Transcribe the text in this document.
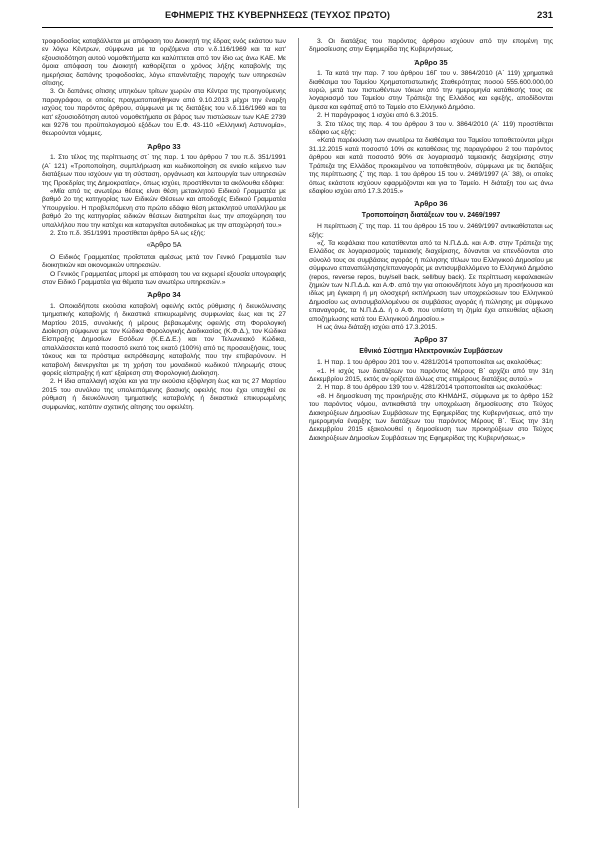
ΕΦΗΜΕΡΙΣ ΤΗΣ ΚΥΒΕΡΝΗΣΕΩΣ (ΤΕΥΧΟΣ ΠΡΩΤΟ)	231

τροφοδοσίας καταβάλλεται με απόφαση του Διοικητή της έδρας ενός εκάστου των εν λόγω Κέντρων, σύμφωνα με τα οριζόμενα στο ν.δ.116/1969 και τα κατ' εξουσιοδότηση αυτού νομοθετήματα και καλύπτεται από τον ίδιο ως άνω ΚΑΕ. Με όμοια απόφαση του Διοικητή καθορίζεται ο χρόνος λήξης καταβολής της ημερήσιας δαπάνης τροφοδοσίας, λόγω επανένταξης παροχής των υπηρεσιών σίτισης.

3. Οι δαπάνες σίτισης υπηκόων τρίτων χωρών στα Κέντρα της προηγούμενης παραγράφου, οι οποίες πραγματοποιήθηκαν από 9.10.2013 μέχρι την έναρξη ισχύος του παρόντος άρθρου, σύμφωνα με τις διατάξεις του ν.δ.116/1969 και τα κατ' εξουσιοδότηση αυτού νομοθετήματα σε βάρος των πιστώσεων των ΚΑΕ 2739 και 9276 του προϋπολογισμού εξόδων του Ε.Φ. 43-110 «Ελληνική Αστυνομία», θεωρούνται νόμιμες.

Άρθρο 33

1. Στο τέλος της περίπτωσης στ΄ της παρ. 1 του άρθρου 7 του π.δ. 351/1991 (Α΄ 121) «Τροποποίηση, συμπλήρωση και κωδικοποίηση σε ενιαίο κείμενο των διατάξεων που ισχύουν για τη σύσταση, οργάνωση και λειτουργία των υπηρεσιών της Προεδρίας της Δημοκρατίας», όπως ισχύει, προστίθενται τα ακόλουθα εδάφια:

«Μία από τις ανωτέρω θέσεις είναι θέση μετακλητού Ειδικού Γραμματέα με βαθμό 2ο της κατηγορίας των Ειδικών Θέσεων και αποδοχές Ειδικού Γραμματέα Υπουργείου. Η προβλεπόμενη στο πρώτο εδάφιο θέση μετακλητού υπαλλήλου με βαθμό 2ο της κατηγορίας ειδικών θέσεων διατηρείται έως την αποχώρηση του υπαλλήλου που την κατέχει και καταργείται αυτοδικαίως με την αποχώρησή του.»

2. Στο π.δ. 351/1991 προστίθεται άρθρο 5Α ως εξής:

«Άρθρο 5Α

Ο Ειδικός Γραμματέας προΐσταται αμέσως μετά τον Γενικό Γραμματέα των διοικητικών και οικονομικών υπηρεσιών.

Ο Γενικός Γραμματέας μπορεί με απόφαση του να εκχωρεί εξουσία υπογραφής στον Ειδικό Γραμματέα για θέματα των ανωτέρω υπηρεσιών.»

Άρθρο 34

1. Οποιαδήποτε εκούσια καταβολή οφειλής εκτός ρύθμισης ή διευκόλυνσης τμηματικής καταβολής ή δικαστικά επικυρωμένης συμφωνίας έως και τις 27 Μαρτίου 2015, συνολικής ή μέρους βεβαιωμένης οφειλής στη Φορολογική Διοίκηση σύμφωνα με τον Κώδικα Φορολογικής Διαδικασίας (Κ.Φ.Δ.), τον Κώδικα Είσπραξης Δημοσίων Εσόδων (Κ.Ε.Δ.Ε.) και τον Τελωνειακό Κώδικα, απαλλάσσεται κατά ποσοστό εκατό τοις εκατό (100%) από τις προσαυξήσεις, τους τόκους και τα πρόστιμα εκπρόθεσμης καταβολής που την επιβαρύνουν. Η καταβολή διενεργείται με τη χρήση του μοναδικού κωδικού πληρωμής στους φορείς είσπραξης ή κατ' εξαίρεση στη Φορολογική Διοίκηση.

2. Η ίδια απαλλαγή ισχύει και για την εκούσια εξόφληση έως και τις 27 Μαρτίου 2015 του συνόλου της υπολειπόμενης βασικής οφειλής που έχει υπαχθεί σε ρύθμιση ή διευκόλυνση τμηματικής καταβολής ή δικαστικά επικυρωμένης συμφωνίας, κατόπιν σχετικής αίτησης του οφειλέτη.

3. Οι διατάξεις του παρόντος άρθρου ισχύουν από την επομένη της δημοσίευσης στην Εφημερίδα της Κυβερνήσεως.

Άρθρο 35

1. Τα κατά την παρ. 7 του άρθρου 16Γ του ν. 3864/2010 (Α΄ 119) χρηματικά διαθέσιμα του Ταμείου Χρηματοπιστωτικής Σταθερότητας ποσού 555.600.000,00 ευρώ, μετά των πιστωθέντων τόκων από την ημερομηνία κατάθεσής τους σε λογαριασμό του Ταμείου στην Τράπεζα της Ελλάδος και εφεξής, αποδίδονται άμεσα και εφάπαξ από το Ταμείο στο Ελληνικό Δημόσιο.

2. Η παράγραφος 1 ισχύει από 6.3.2015.

3. Στο τέλος της παρ. 4 του άρθρου 3 του ν. 3864/2010 (Α΄ 119) προστίθεται εδάφιο ως εξής:

«Κατά παρέκκλιση των ανωτέρω τα διαθέσιμα του Ταμείου τοποθετούνται μέχρι 31.12.2015 κατά ποσοστό 10% σε καταθέσεις της παραγράφου 2 του παρόντος άρθρου και κατά ποσοστό 90% σε λογαριασμό ταμειακής διαχείρισης στην Τράπεζα της Ελλάδος προκειμένου να τοποθετηθούν, σύμφωνα με τις διατάξεις της περίπτωσης ζ΄ της παρ. 1 του άρθρου 15 του ν. 2469/1997 (Α΄ 38), οι οποίες όπως εκάστοτε ισχύουν εφαρμόζονται και για το Ταμείο. Η διάταξη του ως άνω εδαφίου ισχύει από 17.3.2015.»

Άρθρο 36
Τροποποίηση διατάξεων του ν. 2469/1997

Η περίπτωση ζ΄ της παρ. 11 του άρθρου 15 του ν. 2469/1997 αντικαθίσταται ως εξής:

«ζ. Τα κεφάλαια που κατατίθενται από τα Ν.Π.Δ.Δ. και Α.Φ. στην Τράπεζα της Ελλάδος σε λογαριασμούς ταμειακής διαχείρισης, δύνανται να επενδύονται στο σύνολό τους σε συμβάσεις αγοράς ή πώλησης τίτλων του Ελληνικού Δημοσίου με σύμφωνο επαναπώλησης/επαναγοράς με αντισυμβαλλόμενο το Ελληνικό Δημόσιο (repos, reverse repos, buy/sell back, sell/buy back). Σε περίπτωση κεφαλαιακών ζημιών των Ν.Π.Δ.Δ. και Α.Φ. από την για οποιονδήποτε λόγο μη προσήκουσα και ιδίως μη έγκαιρη ή μη ολοσχερή εκπλήρωση των υποχρεώσεων του Ελληνικού Δημοσίου ως αντισυμβαλλομένου σε συμβάσεις αγοράς ή πώλησης με σύμφωνο επαναγοράς, τα Ν.Π.Δ.Δ. ή ο Α.Φ. που υπέστη τη ζημία έχει απευθείας αξίωση αποζημίωσης κατά του Ελληνικού Δημοσίου.»

Η ως άνω διάταξη ισχύει από 17.3.2015.

Άρθρο 37
Εθνικό Σύστημα Ηλεκτρονικών Συμβάσεων

1. Η παρ. 1 του άρθρου 201 του ν. 4281/2014 τροποποιείται ως ακολούθως:

«1. Η ισχύς των διατάξεων του παρόντος Μέρους Β΄ αρχίζει από την 31η Δεκεμβρίου 2015, εκτός αν ορίζεται άλλως στις επιμέρους διατάξεις αυτού.»

2. Η παρ. 8 του άρθρου 139 του ν. 4281/2014 τροποποιείται ως ακολούθως:

«8. Η δημοσίευση της προκήρυξης στο ΚΗΜΔΗΣ, σύμφωνα με το άρθρο 152 του παρόντος νόμου, αντικαθιστά την υποχρέωση δημοσίευσης στο Τεύχος Διακηρύξεων Δημοσίων Συμβάσεων της Εφημερίδας της Κυβερνήσεως, από την ημερομηνία έναρξης των διατάξεων του παρόντος Μέρους Β΄. Έως την 31η Δεκεμβρίου 2015 εξακολουθεί η δημοσίευση των προκηρύξεων στο Τεύχος Διακηρύξεων Δημοσίων Συμβάσεων της Εφημερίδας της Κυβερνήσεως.»
